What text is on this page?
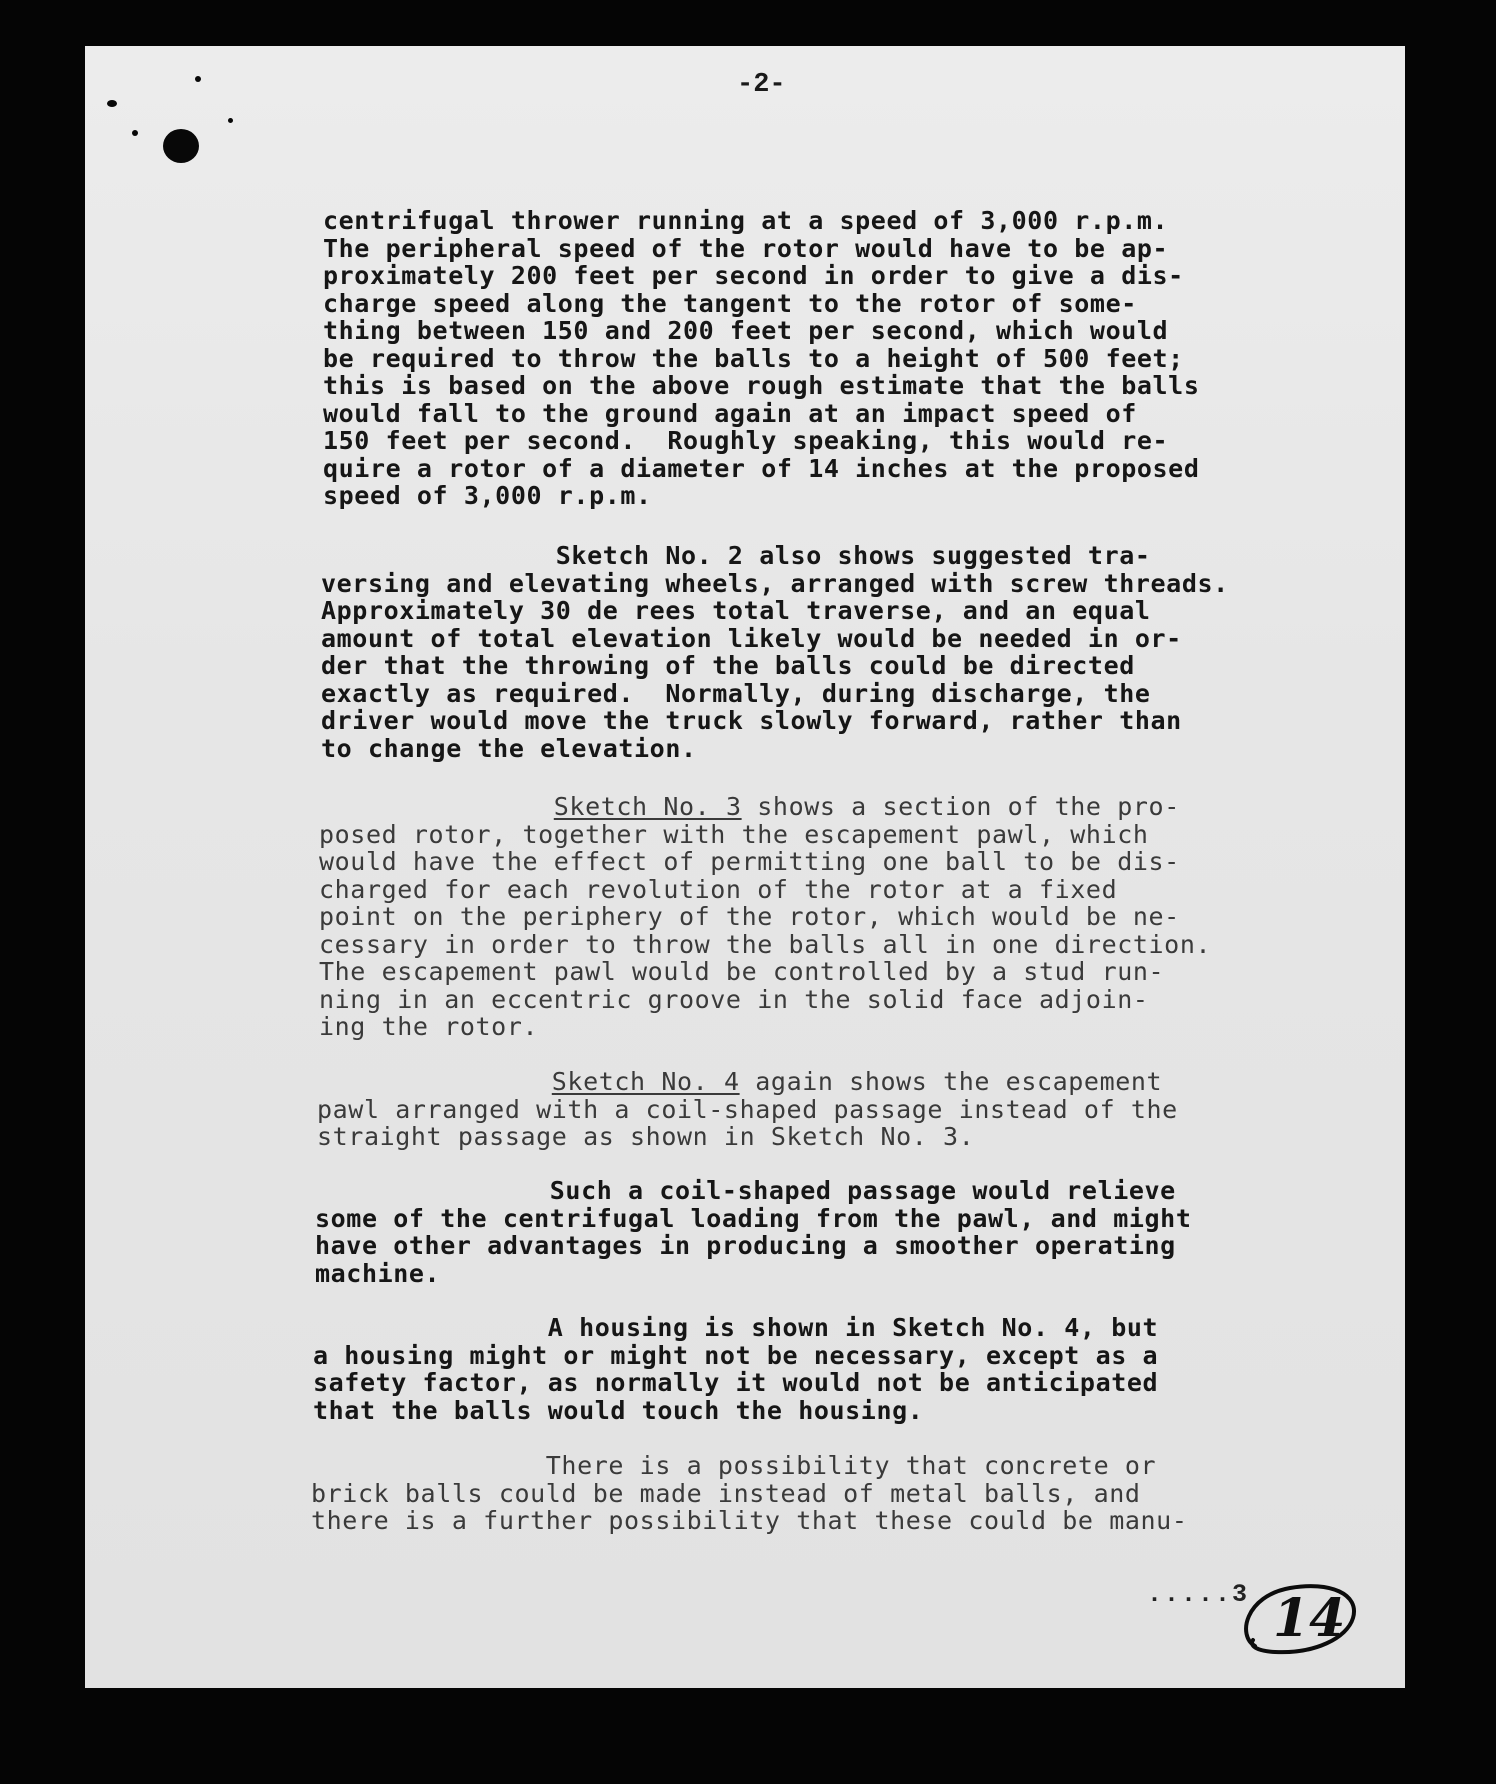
-2-
centrifugal thrower running at a speed of 3,000 r.p.m.
The peripheral speed of the rotor would have to be ap-
proximately 200 feet per second in order to give a dis-
charge speed along the tangent to the rotor of some-
thing between 150 and 200 feet per second, which would
be required to throw the balls to a height of 500 feet;
this is based on the above rough estimate that the balls
would fall to the ground again at an impact speed of
150 feet per second.  Roughly speaking, this would re-
quire a rotor of a diameter of 14 inches at the proposed
speed of 3,000 r.p.m.
Sketch No. 2 also shows suggested tra-
versing and elevating wheels, arranged with screw threads.
Approximately 30 de rees total traverse, and an equal
amount of total elevation likely would be needed in or-
der that the throwing of the balls could be directed
exactly as required.  Normally, during discharge, the
driver would move the truck slowly forward, rather than
to change the elevation.
Sketch No. 3 shows a section of the pro-
posed rotor, together with the escapement pawl, which
would have the effect of permitting one ball to be dis-
charged for each revolution of the rotor at a fixed
point on the periphery of the rotor, which would be ne-
cessary in order to throw the balls all in one direction.
The escapement pawl would be controlled by a stud run-
ning in an eccentric groove in the solid face adjoin-
ing the rotor.
Sketch No. 4 again shows the escapement
pawl arranged with a coil-shaped passage instead of the
straight passage as shown in Sketch No. 3.
Such a coil-shaped passage would relieve
some of the centrifugal loading from the pawl, and might
have other advantages in producing a smoother operating
machine.
A housing is shown in Sketch No. 4, but
a housing might or might not be necessary, except as a
safety factor, as normally it would not be anticipated
that the balls would touch the housing.
There is a possibility that concrete or
brick balls could be made instead of metal balls, and
there is a further possibility that these could be manu-
.....3 14
